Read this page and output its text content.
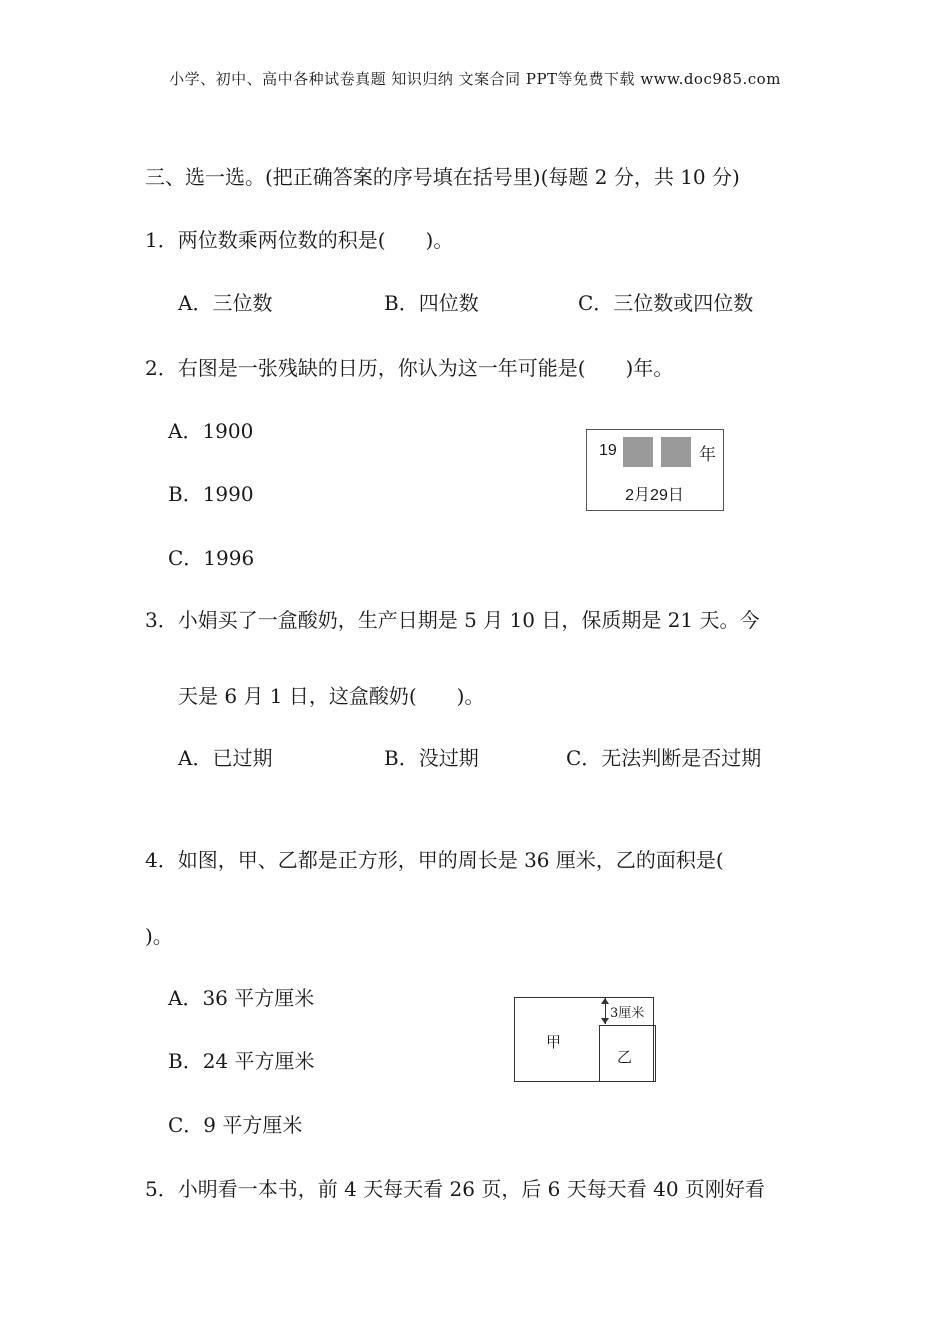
小学、初中、高中各种试卷真题 知识归纳 文案合同 PPT等免费下载 www.doc985.com
三、选一选。(把正确答案的序号填在括号里)(每题 2 分，共 10 分)
1．两位数乘两位数的积是(　　)。
A．三位数	B．四位数	C．三位数或四位数
2．右图是一张残缺的日历，你认为这一年可能是(　　)年。
A．1900
B．1990
C．1996
19	年
2月29日
3．小娟买了一盒酸奶，生产日期是 5 月 10 日，保质期是 21 天。今
天是 6 月 1 日，这盒酸奶(　　)。
A．已过期	B．没过期	C．无法判断是否过期
4．如图，甲、乙都是正方形，甲的周长是 36 厘米，乙的面积是(
)。
A．36 平方厘米
B．24 平方厘米
C．9 平方厘米
甲
乙
3厘米
5．小明看一本书，前 4 天每天看 26 页，后 6 天每天看 40 页刚好看
